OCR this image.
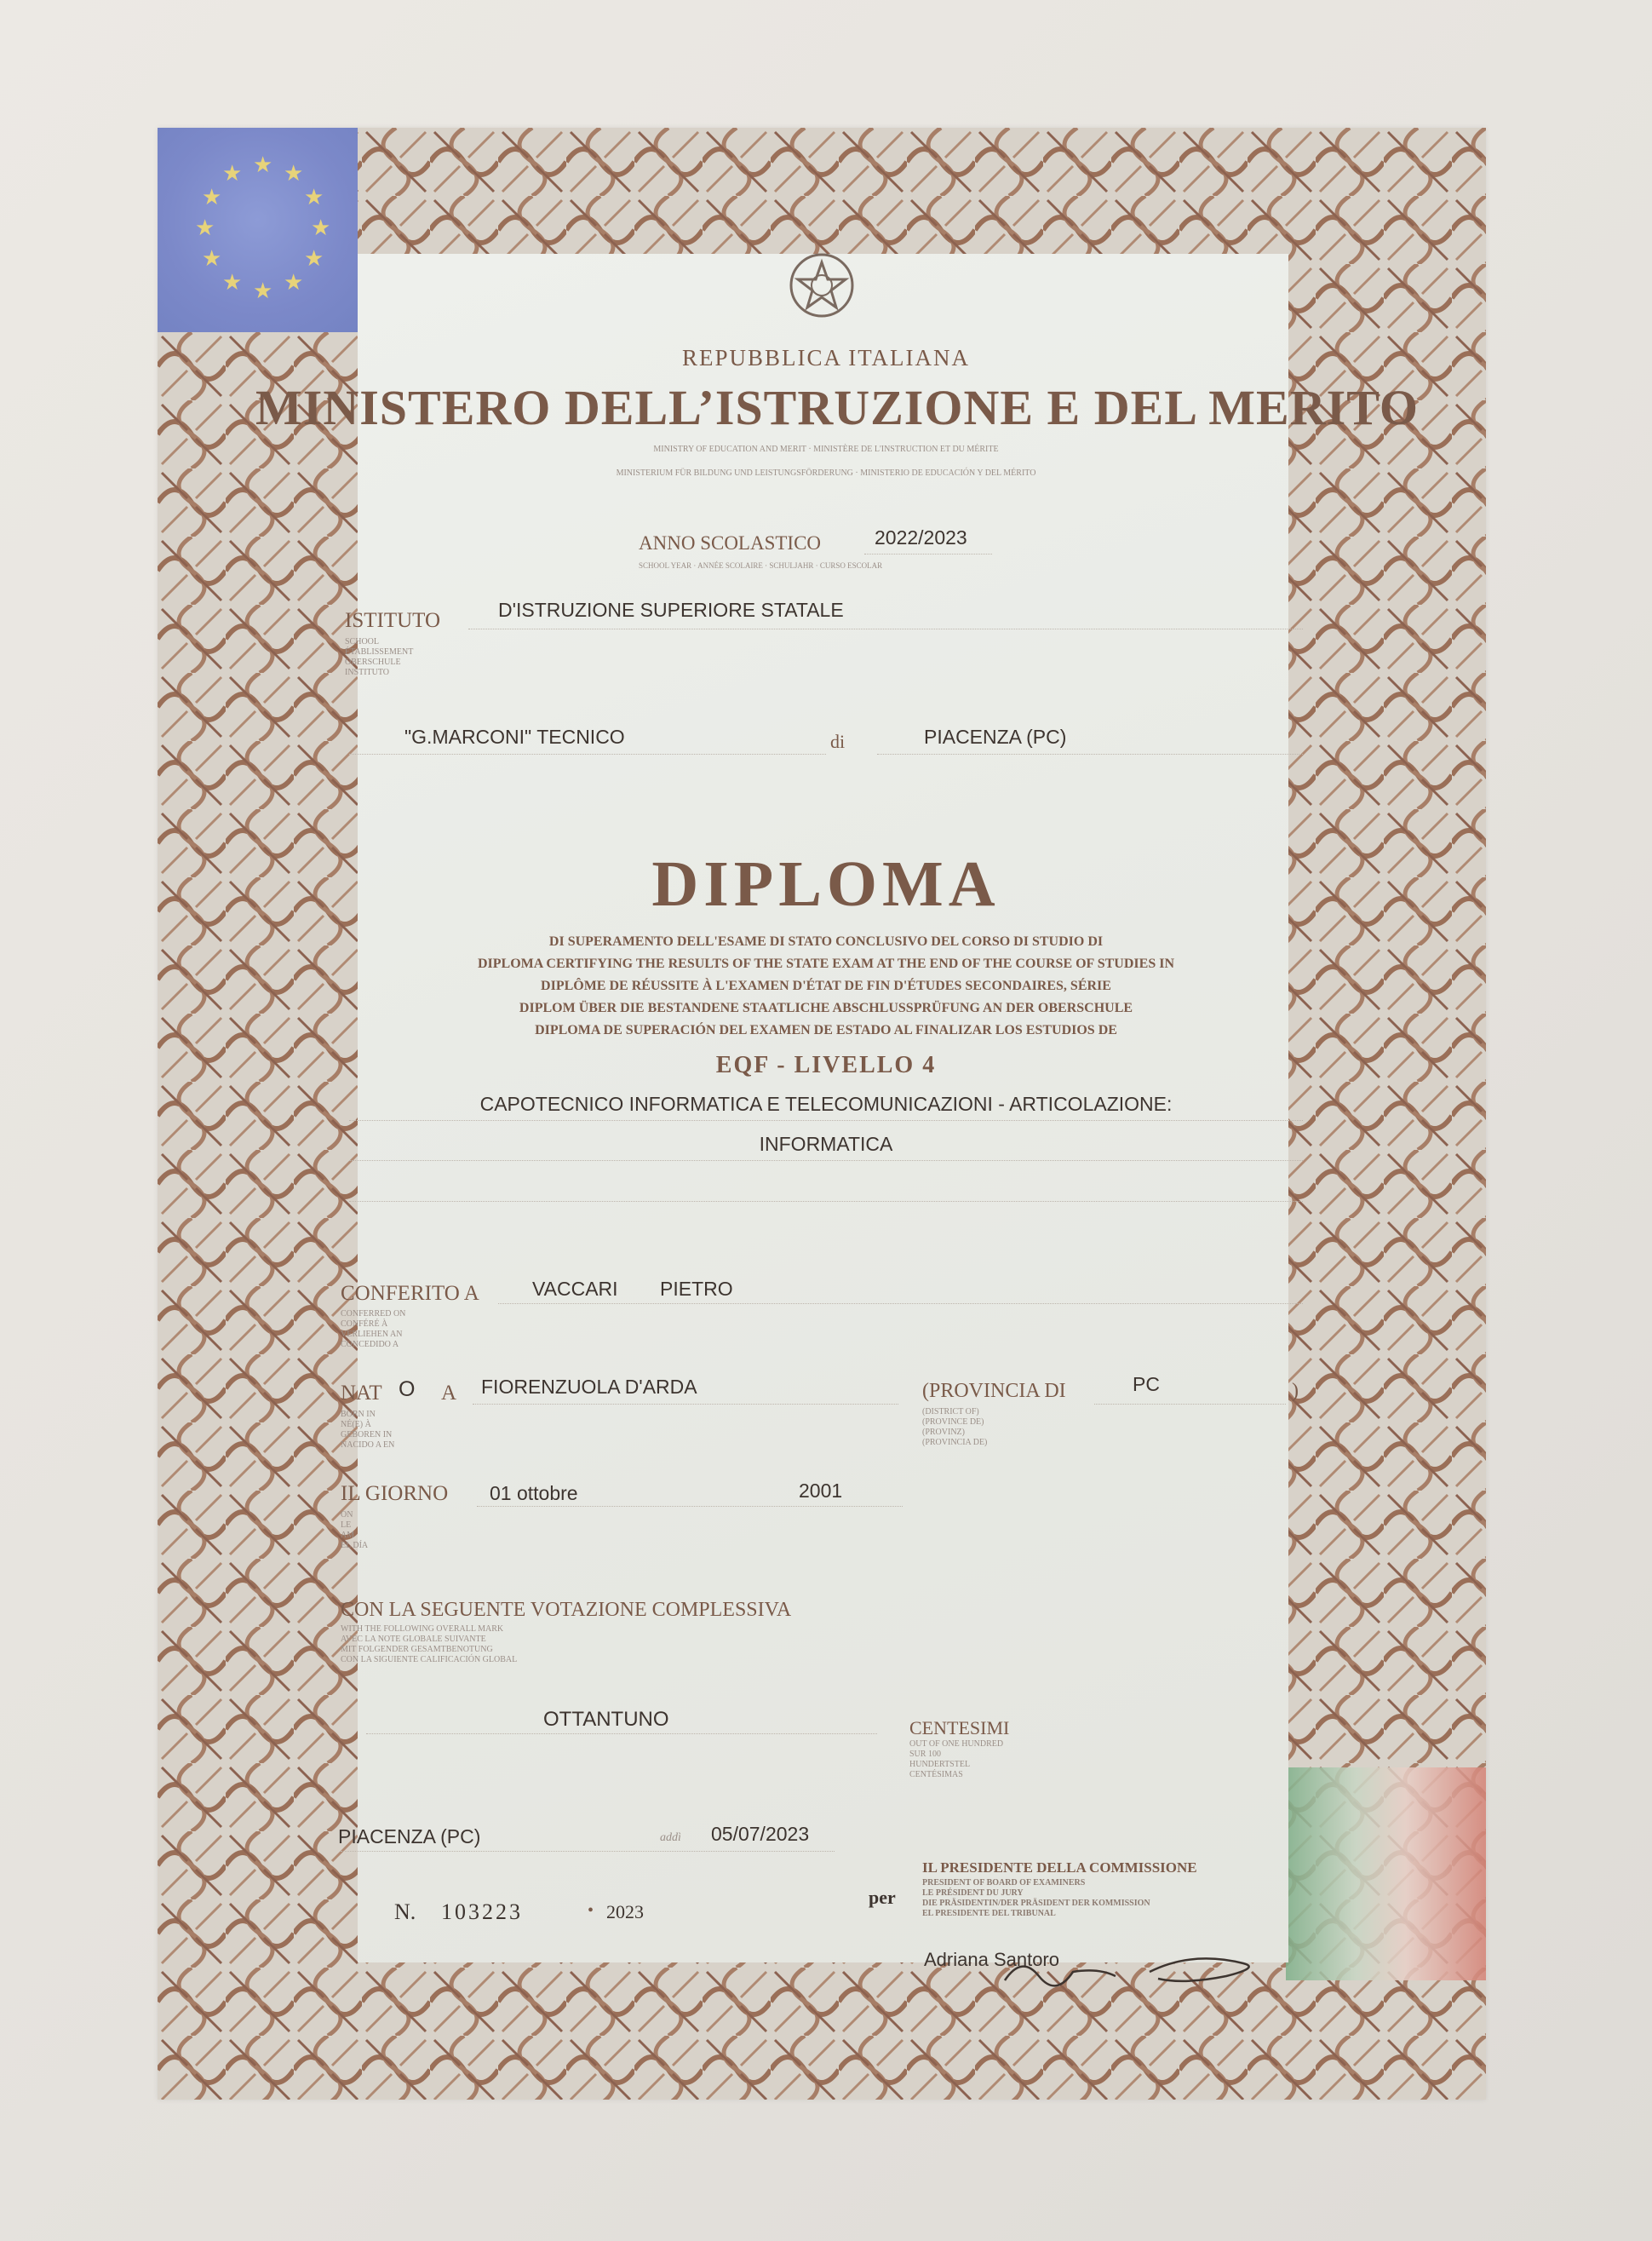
★ ★
★
★
★
★
★
★
★
★
★
★
REPUBBLICA ITALIANA
MINISTERO DELL’ISTRUZIONE E DEL MERITO
MINISTRY OF EDUCATION AND MERIT · MINISTÈRE DE L'INSTRUCTION ET DU MÉRITE
MINISTERIUM FÜR BILDUNG UND LEISTUNGSFÖRDERUNG · MINISTERIO DE EDUCACIÓN Y DEL MÉRITO
ANNO SCOLASTICO	2022/2023
SCHOOL YEAR · ANNÉE SCOLAIRE · SCHULJAHR · CURSO ESCOLAR
ISTITUTO
SCHOOL
ÉTABLISSEMENT
OBERSCHULE
INSTITUTO
D'ISTRUZIONE SUPERIORE STATALE
"G.MARCONI" TECNICO	di	PIACENZA (PC)
DIPLOMA
DI SUPERAMENTO DELL'ESAME DI STATO CONCLUSIVO DEL CORSO DI STUDIO DI
DIPLOMA CERTIFYING THE RESULTS OF THE STATE EXAM AT THE END OF THE COURSE OF STUDIES IN
DIPLÔME DE RÉUSSITE À L'EXAMEN D'ÉTAT DE FIN D'ÉTUDES SECONDAIRES, SÉRIE
DIPLOM ÜBER DIE BESTANDENE STAATLICHE ABSCHLUSSPRÜFUNG AN DER OBERSCHULE
DIPLOMA DE SUPERACIÓN DEL EXAMEN DE ESTADO AL FINALIZAR LOS ESTUDIOS DE
EQF - LIVELLO 4
CAPOTECNICO INFORMATICA E TELECOMUNICAZIONI - ARTICOLAZIONE:
INFORMATICA
CONFERITO A
CONFERRED ON
CONFÉRÉ À
VERLIEHEN AN
CONCEDIDO A
VACCARI PIETRO
NAT O A
BORN IN
NÉ(E) À
GEBOREN IN
NACIDO A EN
FIORENZUOLA D'ARDA	(PROVINCIA DI	PC	)
(DISTRICT OF)
(PROVINCE DE)
(PROVINZ)
(PROVINCIA DE)
IL GIORNO
ON
LE
AM
EL DÍA
01 ottobre	2001
CON LA SEGUENTE VOTAZIONE COMPLESSIVA
WITH THE FOLLOWING OVERALL MARK
AVEC LA NOTE GLOBALE SUIVANTE
MIT FOLGENDER GESAMTBENOTUNG
CON LA SIGUIENTE CALIFICACIÓN GLOBAL
OTTANTUNO	CENTESIMI
OUT OF ONE HUNDRED
SUR 100
HUNDERTSTEL
CENTÉSIMAS
PIACENZA (PC)	addì 05/07/2023
N. 103223	• 2023
per
IL PRESIDENTE DELLA COMMISSIONE
PRESIDENT OF BOARD OF EXAMINERS
LE PRÉSIDENT DU JURY
DIE PRÄSIDENTIN/DER PRÄSIDENT DER KOMMISSION
EL PRESIDENTE DEL TRIBUNAL
Adriana Santoro
